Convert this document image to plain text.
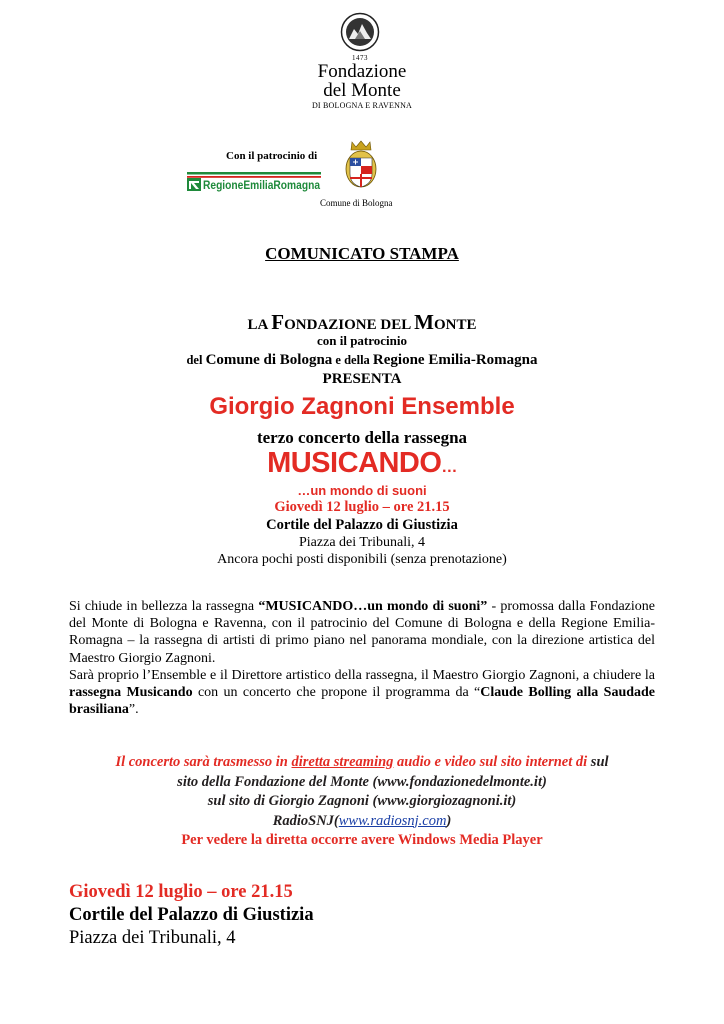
1473
Fondazione
del Monte
DI BOLOGNA E RAVENNA
Con il patrocinio di
RegioneEmiliaRomagna
Comune di Bologna
COMUNICATO STAMPA
LA FONDAZIONE DEL MONTE
con il patrocinio
del Comune di Bologna e della Regione Emilia-Romagna
PRESENTA
Giorgio Zagnoni Ensemble
terzo concerto della rassegna
MUSICANDO…
…un mondo di suoni
Giovedì 12 luglio – ore 21.15
Cortile del Palazzo di Giustizia
Piazza dei Tribunali, 4
Ancora pochi posti disponibili (senza prenotazione)

Si chiude in bellezza la rassegna “MUSICANDO…un mondo di suoni” - promossa dalla Fondazione del Monte di Bologna e Ravenna, con il patrocinio del Comune di Bologna e della Regione Emilia-Romagna – la rassegna di artisti di primo piano nel panorama mondiale, con la direzione artistica del Maestro Giorgio Zagnoni.

Sarà proprio l’Ensemble e il Direttore artistico della rassegna, il Maestro Giorgio Zagnoni, a chiudere la rassegna Musicando con un concerto che propone il programma da “Claude Bolling alla Saudade brasiliana”.

Il concerto sarà trasmesso in diretta streaming audio e video sul sito internet di sul
sito della Fondazione del Monte (www.fondazionedelmonte.it)
sul sito di Giorgio Zagnoni (www.giorgiozagnoni.it)
RadioSNJ(www.radiosnj.com)
Per vedere la diretta occorre avere Windows Media Player
Giovedì 12 luglio – ore 21.15
Cortile del Palazzo di Giustizia
Piazza dei Tribunali, 4
